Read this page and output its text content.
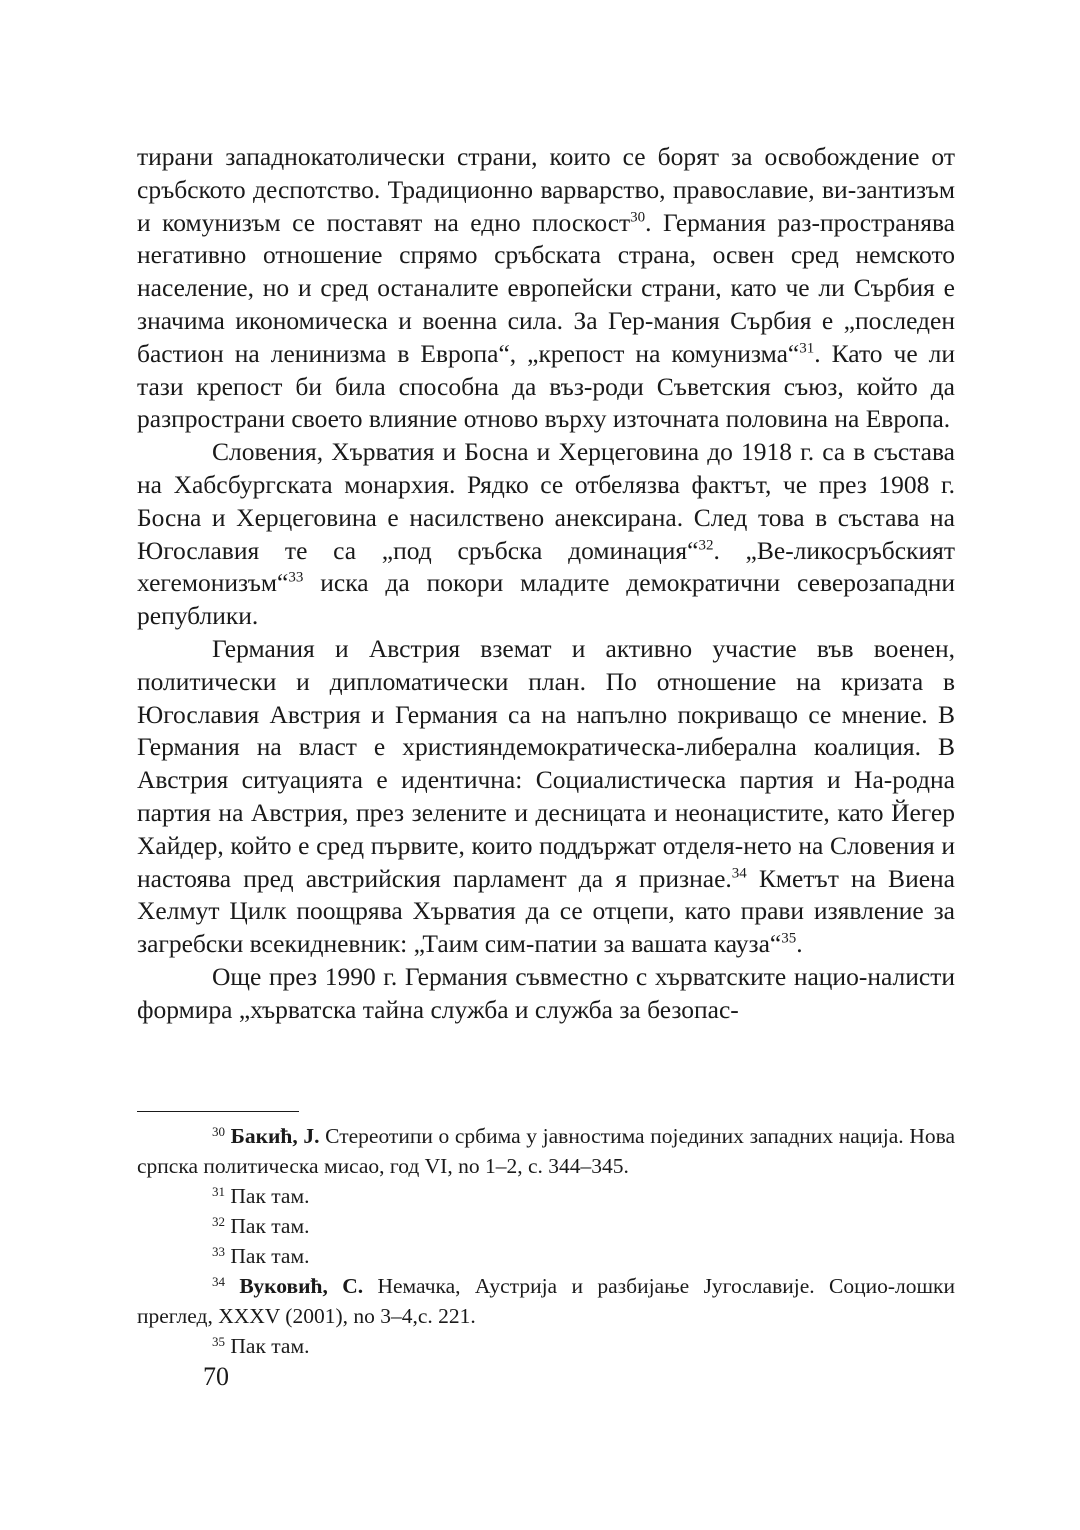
тирани западнокатолически страни, които се борят за освобождение от сръбското деспотство. Традиционно варварство, православие, ви-зантизъм и комунизъм се поставят на едно плоскост$^{30}$. Германия раз-пространява негативно отношение спрямо сръбската страна, освен сред немското население, но и сред останалите европейски страни, като че ли Сърбия е значима икономическа и военна сила. За Гер-мания Сърбия е „последен бастион на ленинизма в Европа“, „крепост на комунизма“$^{31}$. Като че ли тази крепост би била способна да въз-роди Съветския съюз, който да разпространи своето влияние отново върху източната половина на Европа.

Словения, Хърватия и Босна и Херцеговина до 1918 г. са в състава на Хабсбургската монархия. Рядко се отбелязва фактът, че през 1908 г. Босна и Херцеговина е насилствено анексирана. След това в състава на Югославия те са „под сръбска доминация“$^{32}$. „Ве-ликосръбският хегемонизъм“$^{33}$ иска да покори младите демократични северозападни републики.

Германия и Австрия вземат и активно участие във военен, политически и дипломатически план. По отношение на кризата в Югославия Австрия и Германия са на напълно покриващо се мнение. В Германия на власт е християндемократическа-либерална коалиция. В Австрия ситуацията е идентична: Социалистическа партия и На-родна партия на Австрия, през зелените и десницата и неонацистите, като Йегер Хайдер, който е сред първите, които поддържат отделя-нето на Словения и настоява пред австрийския парламент да я признае.$^{34}$ Кметът на Виена Хелмут Цилк поощрява Хърватия да се отцепи, като прави изявление за загребски всекидневник: „Таим сим-патии за вашата кауза“$^{35}$.

Още през 1990 г. Германия съвместно с хърватските нацио-налисти формира „хърватска тайна служба и служба за безопас-

$^{30}$ Бакић, Ј. Стереотипи о србима у јавностима појединих западних нација. Нова српска политическа мисао, год VI, no 1–2, с. 344–345.

$^{31}$ Пак там.

$^{32}$ Пак там.

$^{33}$ Пак там.

$^{34}$ Вуковић, С. Немачка, Аустрија и разбијање Југославије. Социо-лошки преглед, XXXV (2001), no 3–4,с. 221.

$^{35}$ Пак там.

70
